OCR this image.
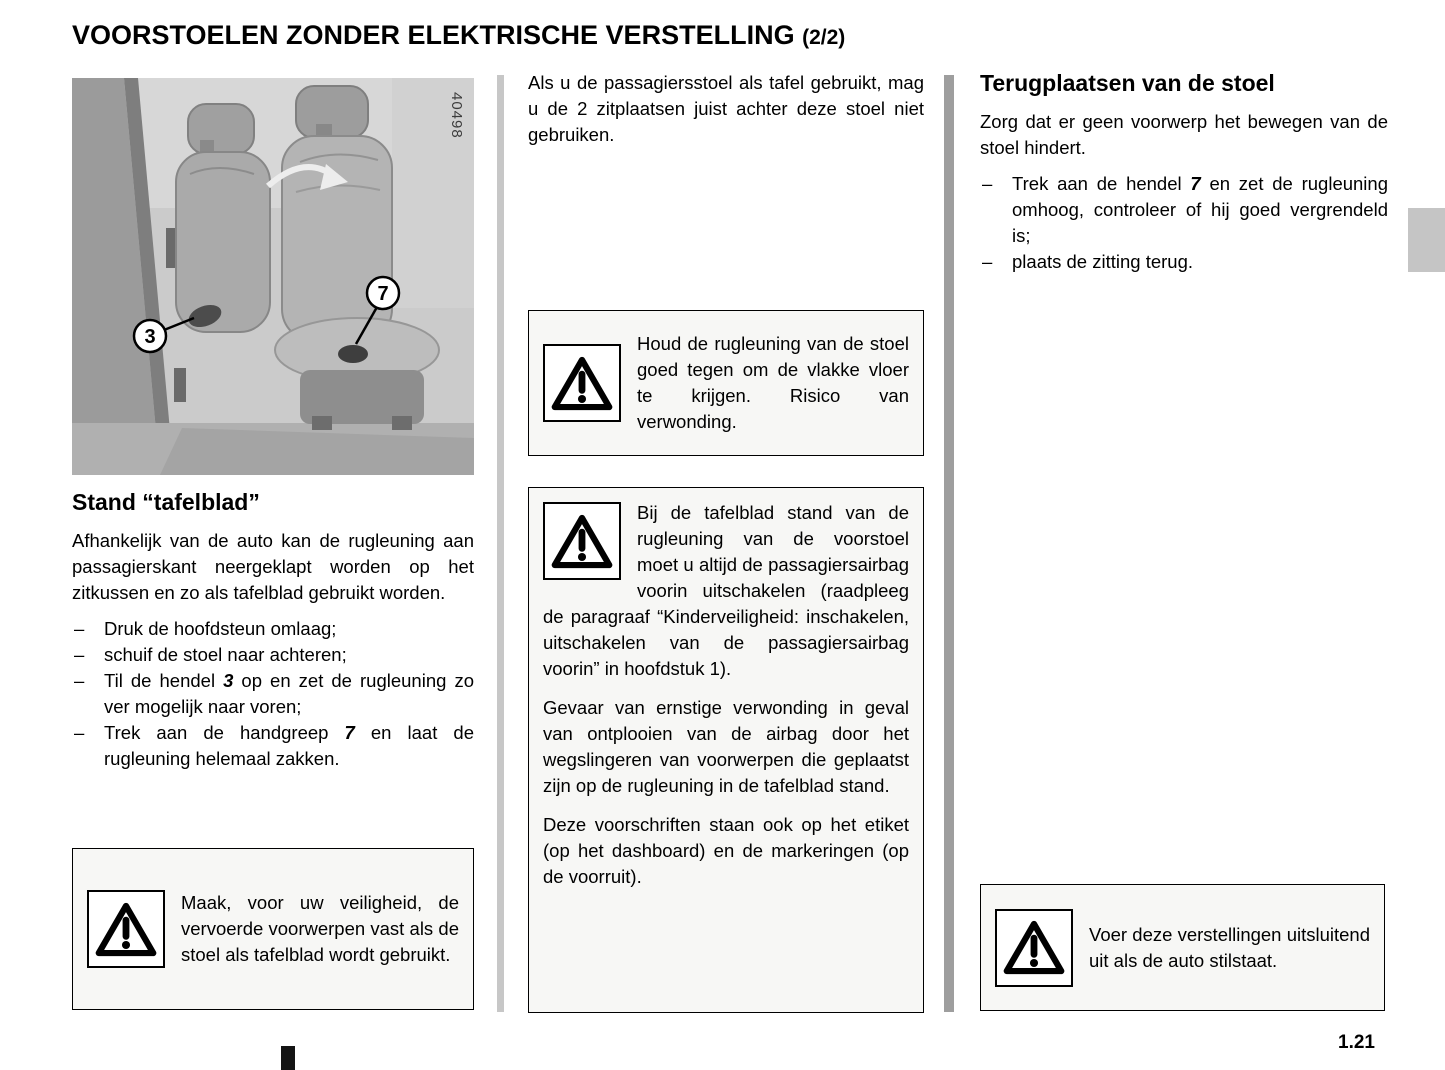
VOORSTOELEN ZONDER ELEKTRISCHE VERSTELLING (2/2)
3
7
40498
Stand “tafelblad”

Afhankelijk van de auto kan de rugleuning aan passagierskant neergeklapt worden op het zitkussen en zo als tafelblad gebruikt worden.

–	Druk de hoofdsteun omlaag;
–	schuif de stoel naar achteren;
–	Til de hendel 3 op en zet de rugleuning zo ver mogelijk naar voren;
–	Trek aan de handgreep 7 en laat de rugleuning helemaal zakken.

Maak, voor uw veiligheid, de vervoerde voorwerpen vast als de stoel als tafelblad wordt gebruikt.

Als u de passagiersstoel als tafel gebruikt, mag u de 2 zitplaatsen juist achter deze stoel niet gebruiken.

Houd de rugleuning van de stoel goed tegen om de vlakke vloer te krijgen. Risico van verwonding.

Bij de tafelblad stand van de rugleuning van de voorstoel moet u altijd de passagiersairbag voorin uitschakelen (raadpleeg de paragraaf “Kinderveiligheid: inschakelen, uitschakelen van de passagiersairbag voorin” in hoofdstuk 1).

Gevaar van ernstige verwonding in geval van ontplooien van de airbag door het wegslingeren van voorwerpen die geplaatst zijn op de rugleuning in de tafelblad stand.

Deze voorschriften staan ook op het etiket (op het dashboard) en de markeringen (op de voorruit).

Terugplaatsen van de stoel

Zorg dat er geen voorwerp het bewegen van de stoel hindert.

–	Trek aan de hendel 7 en zet de rugleuning omhoog, controleer of hij goed vergrendeld is;
–	plaats de zitting terug.

Voer deze verstellingen uitsluitend uit als de auto stilstaat.

1.21
